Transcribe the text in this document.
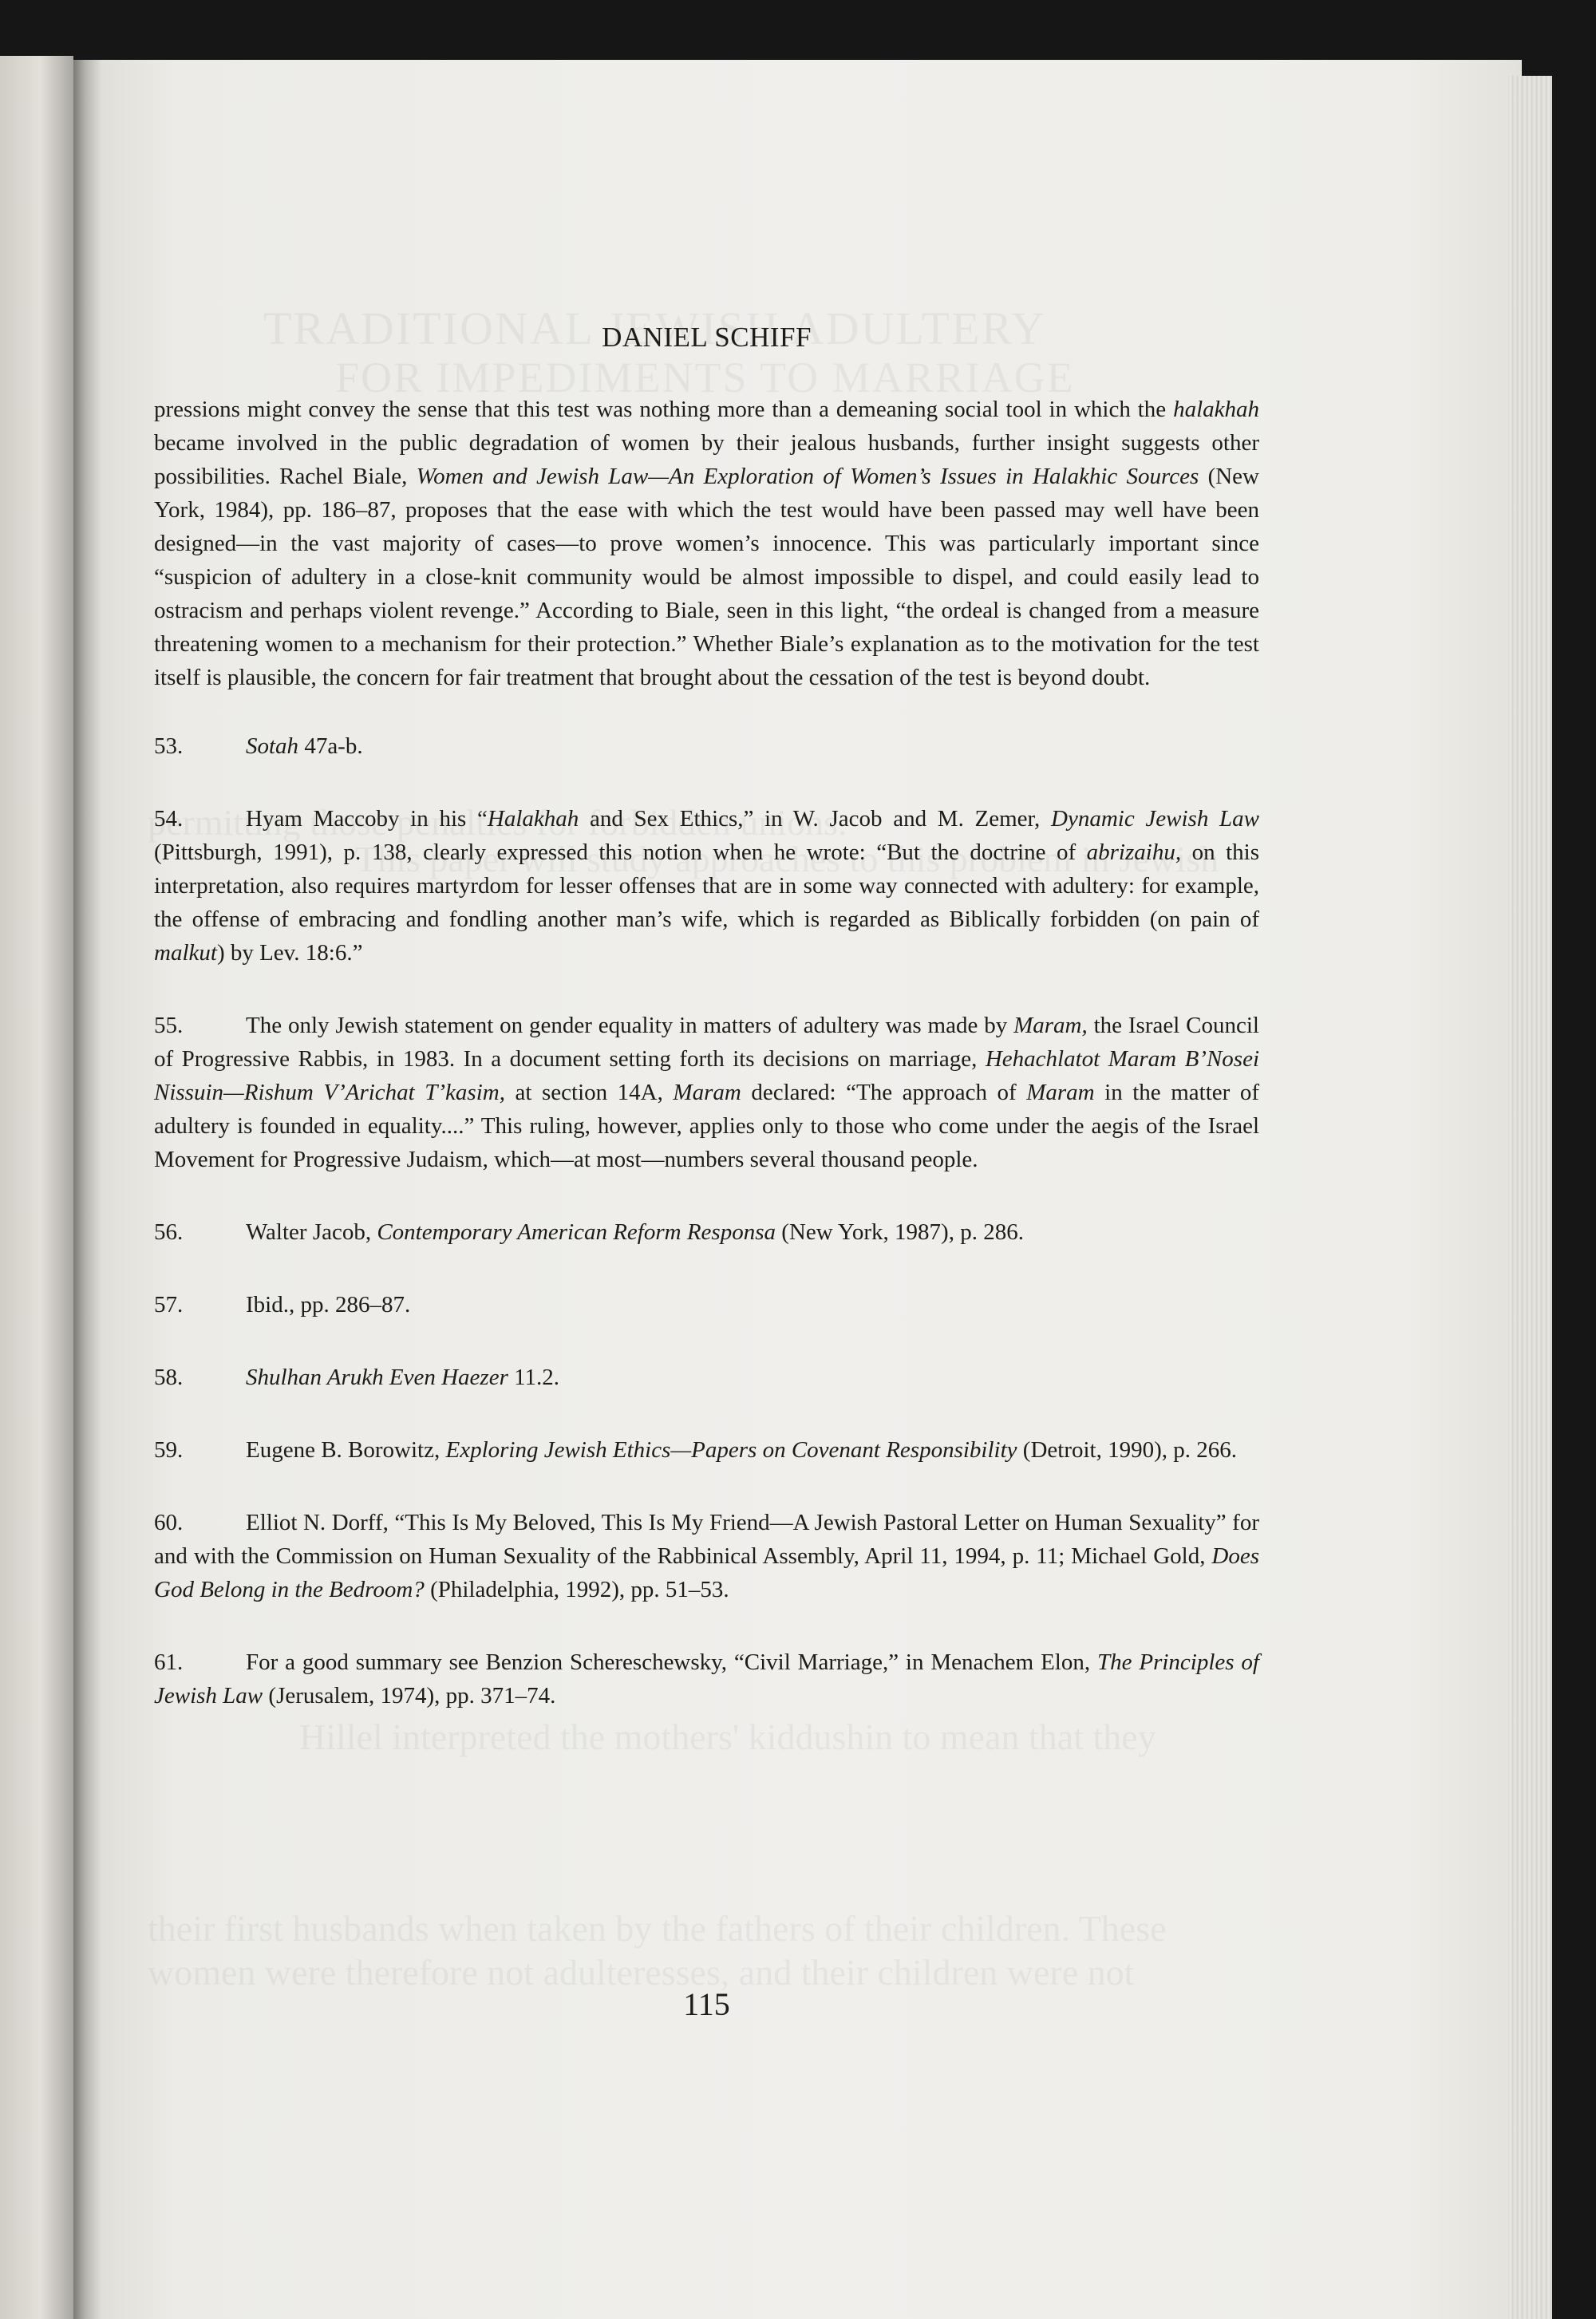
DANIEL SCHIFF

pressions might convey the sense that this test was nothing more than a demeaning social tool in which the halakhah became involved in the public degradation of women by their jealous husbands, further insight suggests other possibilities. Rachel Biale, Women and Jewish Law—An Exploration of Women’s Issues in Halakhic Sources (New York, 1984), pp. 186–87, proposes that the ease with which the test would have been passed may well have been designed—in the vast majority of cases—to prove women’s innocence. This was particularly important since “suspicion of adultery in a close-knit community would be almost impossible to dispel, and could easily lead to ostracism and perhaps violent revenge.” According to Biale, seen in this light, “the ordeal is changed from a measure threatening women to a mechanism for their protection.” Whether Biale’s explanation as to the motivation for the test itself is plausible, the concern for fair treatment that brought about the cessation of the test is beyond doubt.

53.	Sotah 47a-b.

54.	Hyam Maccoby in his “Halakhah and Sex Ethics,” in W. Jacob and M. Zemer, Dynamic Jewish Law (Pittsburgh, 1991), p. 138, clearly expressed this notion when he wrote: “But the doctrine of abrizaihu, on this interpretation, also requires martyrdom for lesser offenses that are in some way connected with adultery: for example, the offense of embracing and fondling another man’s wife, which is regarded as Biblically forbidden (on pain of malkut) by Lev. 18:6.”

55.	The only Jewish statement on gender equality in matters of adultery was made by Maram, the Israel Council of Progressive Rabbis, in 1983. In a document setting forth its decisions on marriage, Hehachlatot Maram B’Nosei Nissuin—Rishum V’Arichat T’kasim, at section 14A, Maram declared: “The approach of Maram in the matter of adultery is founded in equality....” This ruling, however, applies only to those who come under the aegis of the Israel Movement for Progressive Judaism, which—at most—numbers several thousand people.

56.	Walter Jacob, Contemporary American Reform Responsa (New York, 1987), p. 286.

57.	Ibid., pp. 286–87.

58.	Shulhan Arukh Even Haezer 11.2.

59.	Eugene B. Borowitz, Exploring Jewish Ethics—Papers on Covenant Responsibility (Detroit, 1990), p. 266.

60.	Elliot N. Dorff, “This Is My Beloved, This Is My Friend—A Jewish Pastoral Letter on Human Sexuality” for and with the Commission on Human Sexuality of the Rabbinical Assembly, April 11, 1994, p. 11; Michael Gold, Does God Belong in the Bedroom? (Philadelphia, 1992), pp. 51–53.

61.	For a good summary see Benzion Schereschewsky, “Civil Marriage,” in Menachem Elon, The Principles of Jewish Law (Jerusalem, 1974), pp. 371–74.

115
